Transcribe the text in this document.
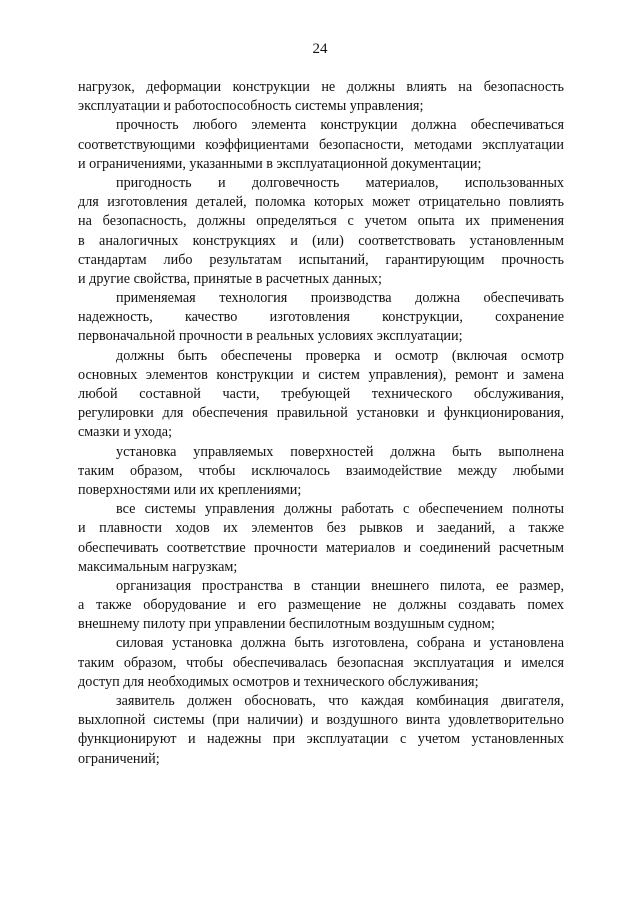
24
нагрузок, деформации конструкции не должны влиять на безопасность
эксплуатации и работоспособность системы управления;
прочность любого элемента конструкции должна обеспечиваться
соответствующими коэффициентами безопасности, методами эксплуатации
и ограничениями, указанными в эксплуатационной документации;
пригодность и долговечность материалов, использованных
для изготовления деталей, поломка которых может отрицательно повлиять
на безопасность, должны определяться с учетом опыта их применения
в аналогичных конструкциях и (или) соответствовать установленным
стандартам либо результатам испытаний, гарантирующим прочность
и другие свойства, принятые в расчетных данных;
применяемая технология производства должна обеспечивать
надежность, качество изготовления конструкции, сохранение
первоначальной прочности в реальных условиях эксплуатации;
должны быть обеспечены проверка и осмотр (включая осмотр
основных элементов конструкции и систем управления), ремонт и замена
любой составной части, требующей технического обслуживания,
регулировки для обеспечения правильной установки и функционирования,
смазки и ухода;
установка управляемых поверхностей должна быть выполнена
таким образом, чтобы исключалось взаимодействие между любыми
поверхностями или их креплениями;
все системы управления должны работать с обеспечением полноты
и плавности ходов их элементов без рывков и заеданий, а также
обеспечивать соответствие прочности материалов и соединений расчетным
максимальным нагрузкам;
организация пространства в станции внешнего пилота, ее размер,
а также оборудование и его размещение не должны создавать помех
внешнему пилоту при управлении беспилотным воздушным судном;
силовая установка должна быть изготовлена, собрана и установлена
таким образом, чтобы обеспечивалась безопасная эксплуатация и имелся
доступ для необходимых осмотров и технического обслуживания;
заявитель должен обосновать, что каждая комбинация двигателя,
выхлопной системы (при наличии) и воздушного винта удовлетворительно
функционируют и надежны при эксплуатации с учетом установленных
ограничений;
